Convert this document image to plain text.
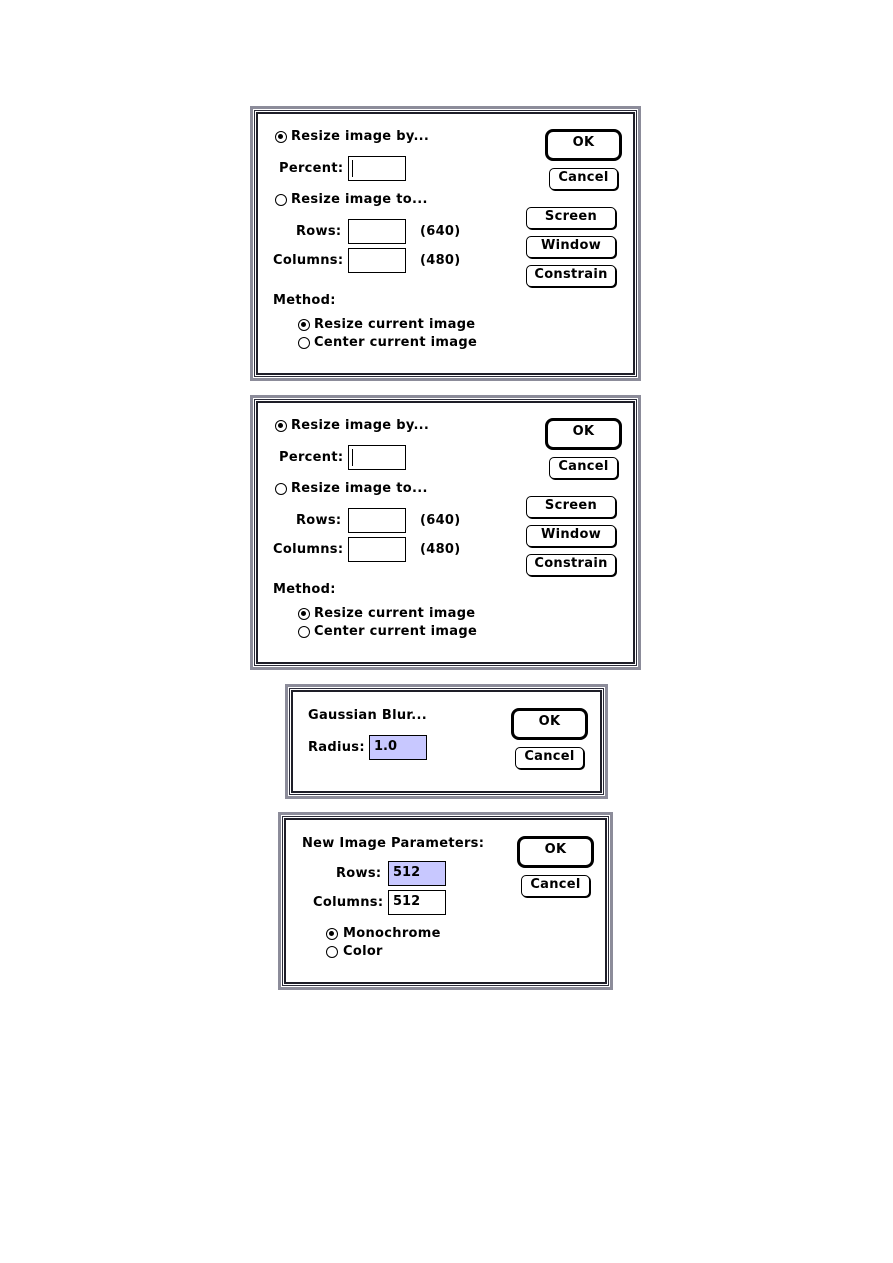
Resize image by...
Percent:
Resize image to...
Rows:	(640)
Columns:	(480)
Method:
Resize current image
Center current image
OK
Cancel
Screen
Window
Constrain
Resize image by...
Percent:
Resize image to...
Rows:	(640)
Columns:	(480)
Method:
Resize current image
Center current image
OK
Cancel
Screen
Window
Constrain
Gaussian Blur...
Radius: 1.0
OK
Cancel
New Image Parameters:
Rows: 512
Columns: 512
Monochrome
Color
OK
Cancel
